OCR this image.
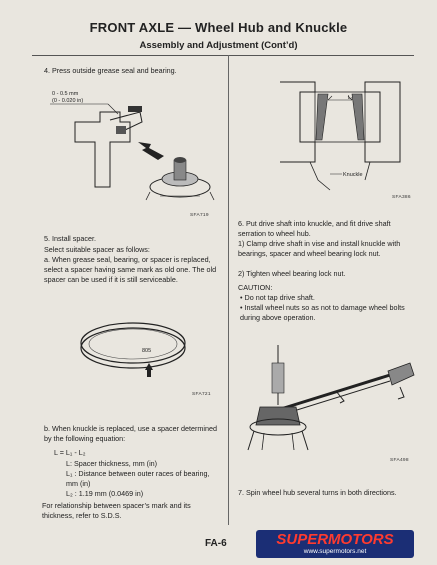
FRONT AXLE — Wheel Hub and Knuckle
Assembly and Adjustment (Cont’d)
4. Press outside grease seal and bearing.
0 - 0.5 mm
(0 - 0.020 in)
SFA719
5. Install spacer.
Select suitable spacer as follows:
a. When grease seal, bearing, or spacer is replaced, select a spacer having same mark as old one. The old spacer can be used if it is still serviceable.
805
SFA721
b. When knuckle is replaced, use a spacer determined by the following equation:
L = L₁ - L₂
L: Spacer thickness, mm (in)
L₁ : Distance between outer races of bearing, mm (in)
L₂ : 1.19 mm (0.0469 in)
For relationship between spacer’s mark and its thickness, refer to S.D.S.
L₁
Knuckle
SFA386
6. Put drive shaft into knuckle, and fit drive shaft serration to wheel hub.
1) Clamp drive shaft in vise and install knuckle with bearings, spacer and wheel bearing lock nut.
2) Tighten wheel bearing lock nut.
CAUTION:
• Do not tap drive shaft.
• Install wheel nuts so as not to damage wheel bolts during above operation.
SFA498
7. Spin wheel hub several turns in both directions.
FA-6	SUPERMOTORS
www.supermotors.net
